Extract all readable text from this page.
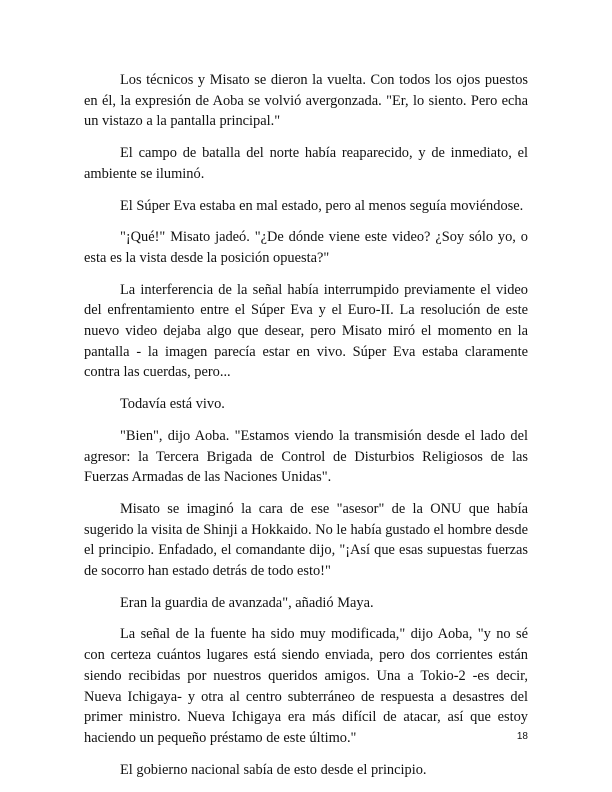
Los técnicos y Misato se dieron la vuelta. Con todos los ojos puestos en él, la expresión de Aoba se volvió avergonzada. "Er, lo siento. Pero echa un vistazo a la pantalla principal."

El campo de batalla del norte había reaparecido, y de inmediato, el ambiente se iluminó.

El Súper Eva estaba en mal estado, pero al menos seguía moviéndose.

"¡Qué!" Misato jadeó. "¿De dónde viene este video? ¿Soy sólo yo, o esta es la vista desde la posición opuesta?"

La interferencia de la señal había interrumpido previamente el video del enfrentamiento entre el Súper Eva y el Euro-II. La resolución de este nuevo video dejaba algo que desear, pero Misato miró el momento en la pantalla - la imagen parecía estar en vivo. Súper Eva estaba claramente contra las cuerdas, pero...

Todavía está vivo.

"Bien", dijo Aoba. "Estamos viendo la transmisión desde el lado del agresor: la Tercera Brigada de Control de Disturbios Religiosos de las Fuerzas Armadas de las Naciones Unidas".

Misato se imaginó la cara de ese "asesor" de la ONU que había sugerido la visita de Shinji a Hokkaido. No le había gustado el hombre desde el principio. Enfadado, el comandante dijo, "¡Así que esas supuestas fuerzas de socorro han estado detrás de todo esto!"

Eran la guardia de avanzada", añadió Maya.

La señal de la fuente ha sido muy modificada," dijo Aoba, "y no sé con certeza cuántos lugares está siendo enviada, pero dos corrientes están siendo recibidas por nuestros queridos amigos. Una a Tokio-2 -es decir, Nueva Ichigaya- y otra al centro subterráneo de respuesta a desastres del primer ministro. Nueva Ichigaya era más difícil de atacar, así que estoy haciendo un pequeño préstamo de este último."

El gobierno nacional sabía de esto desde el principio.

18
